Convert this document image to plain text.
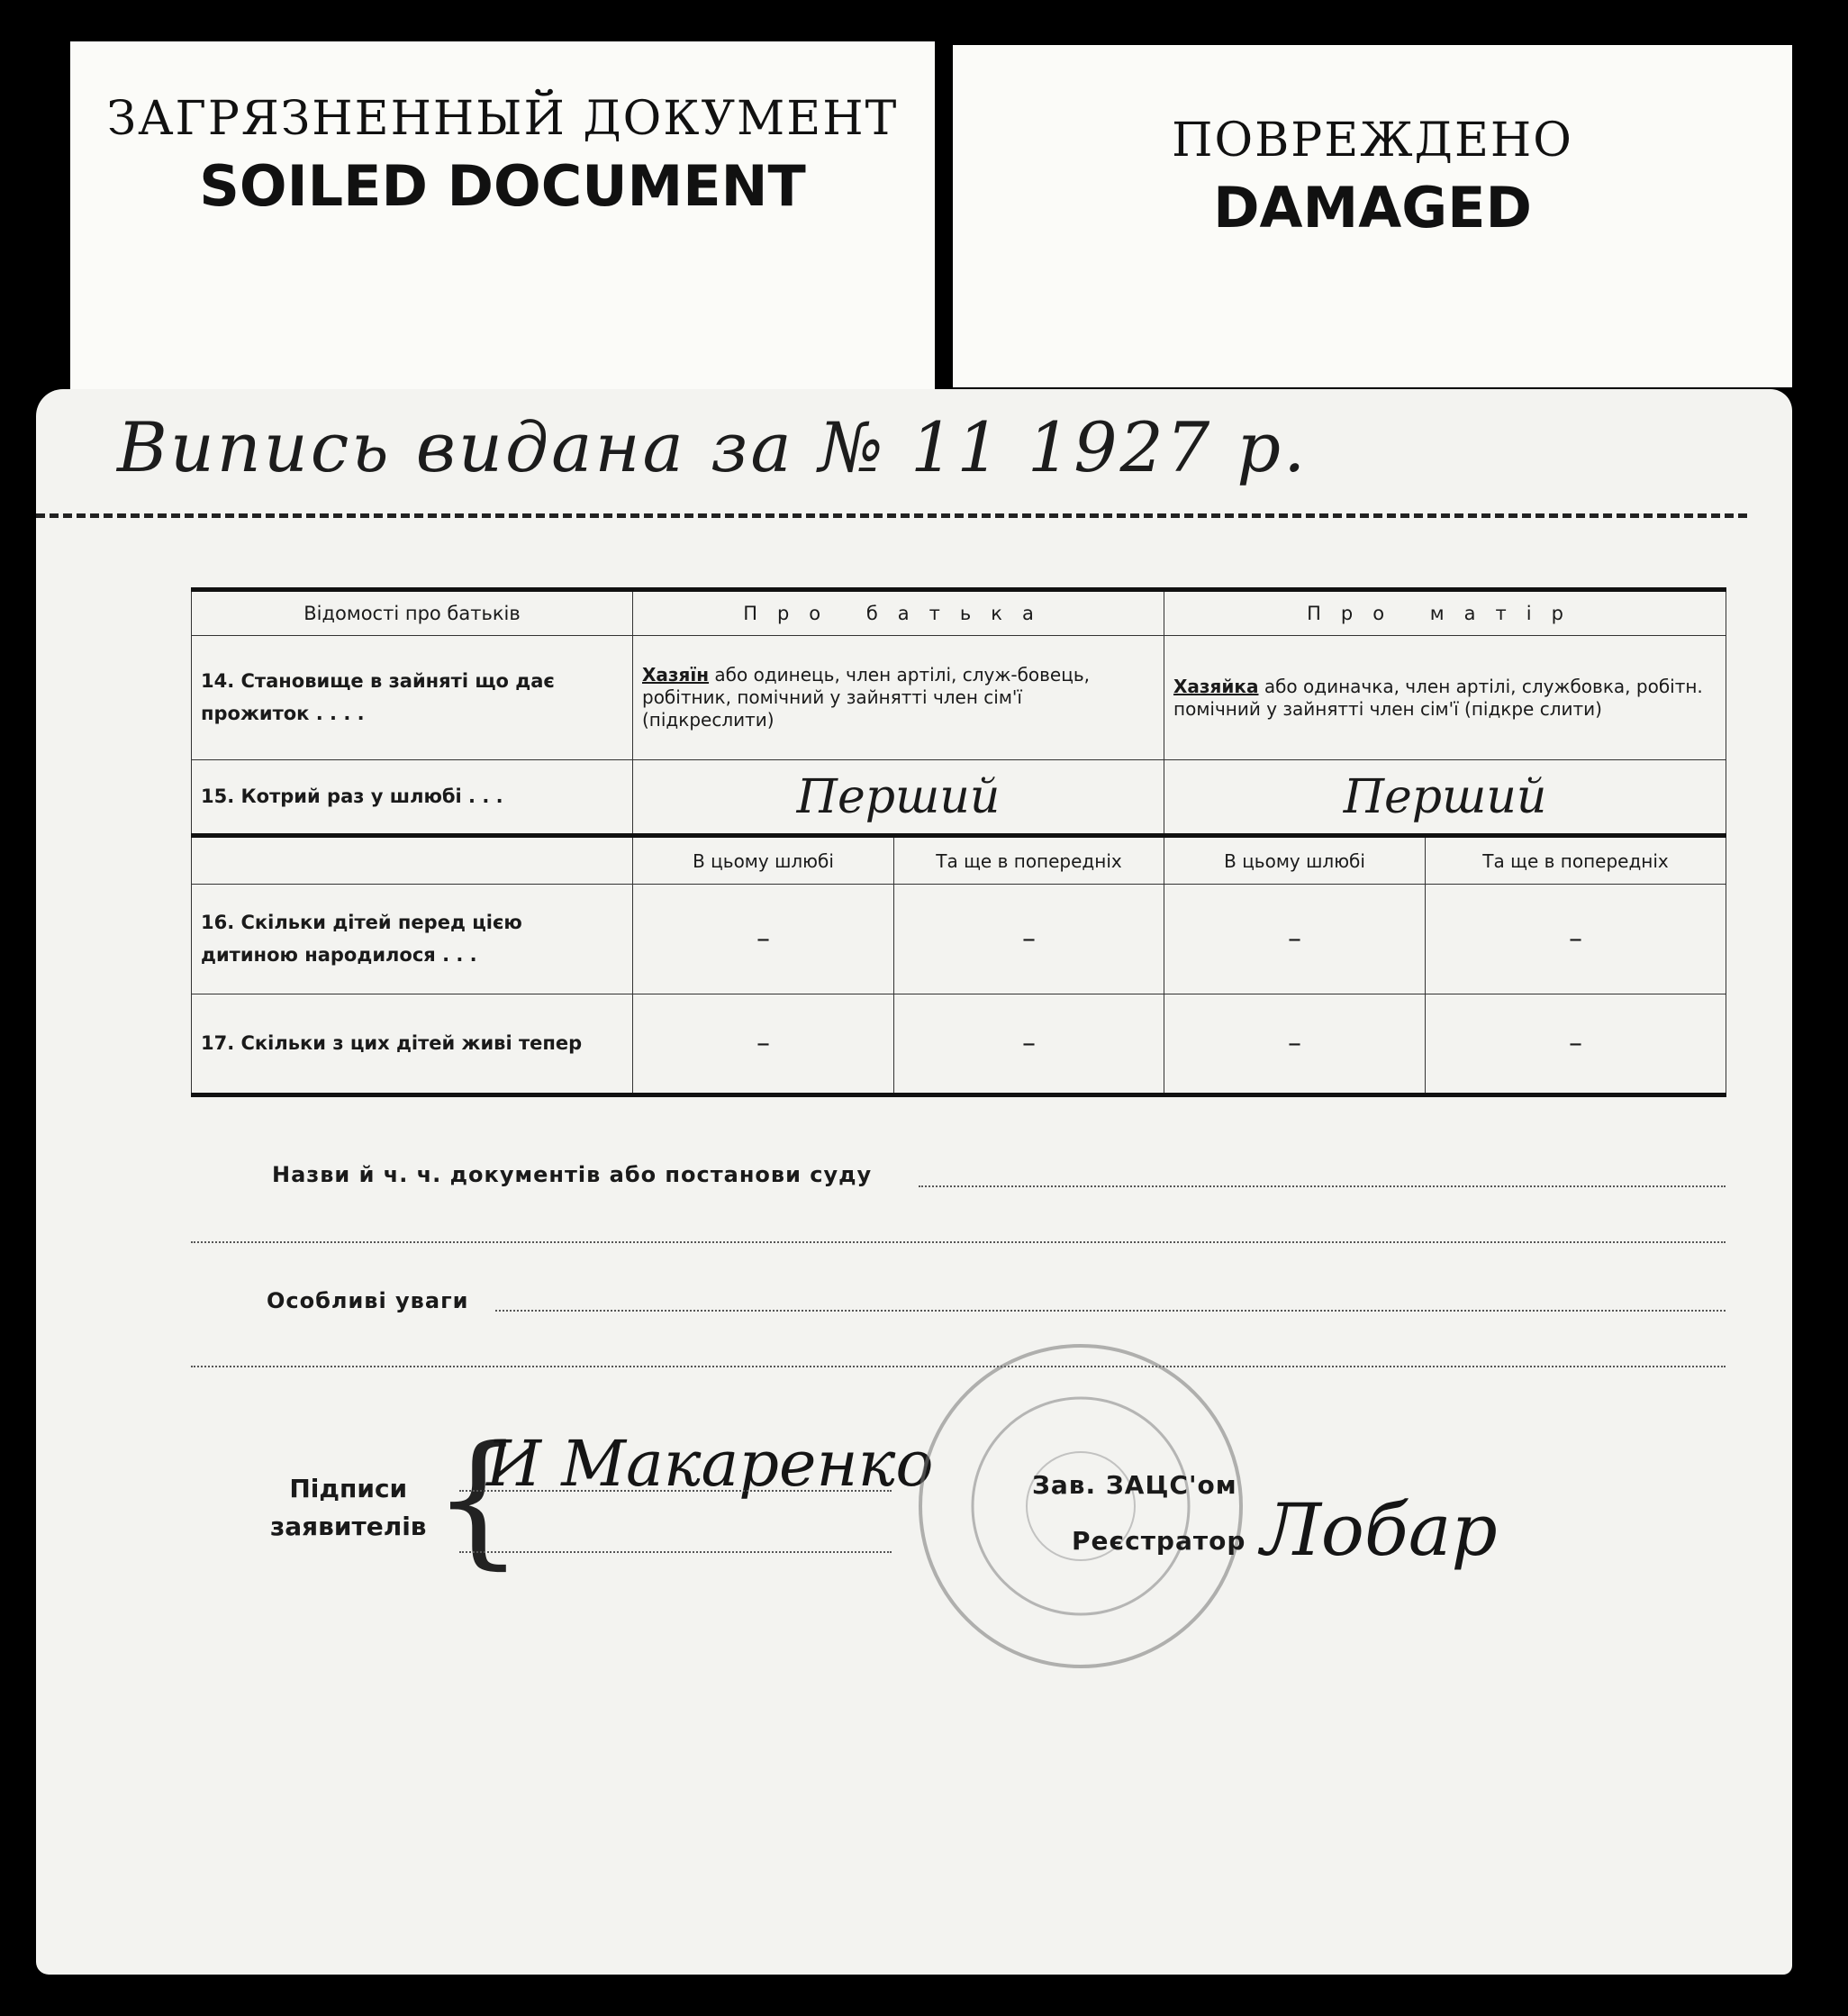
ЗАГРЯЗНЕННЫЙ ДОКУМЕНТ
SOILED DOCUMENT
ПОВРЕЖДЕНО
DAMAGED
Вuпuсь видана за № 11 1927 р.
Відомості про батьків	Про батька		Про матір	
14. Становище в зайняті що дає прожиток . . . .	Хазяїн або одинець, член артілі, служ-бовець, робітник, помічний у зайнятті член сім'ї (підкреслити)		Хазяйка або одиначка, член артілі, службовка, робітн. помічний у зайнятті член сім'ї (підкре слити)	
15. Котрий раз у шлюбі . . .	Перший		Перший	
	В цьому шлюбі	Та ще в попередніх	В цьому шлюбі	Та ще в попередніх
16. Скільки дітей перед цією дитиною народилося . . .	–	–	–	–
17. Скільки з цих дітей живі тепер	–	–	–	–
Назви й ч. ч. документів або постанови суду
Особливі уваги
Підписи
заявителів {
И Макаренко	Зав. ЗАЦС'ом
Реєстратор Лобар
